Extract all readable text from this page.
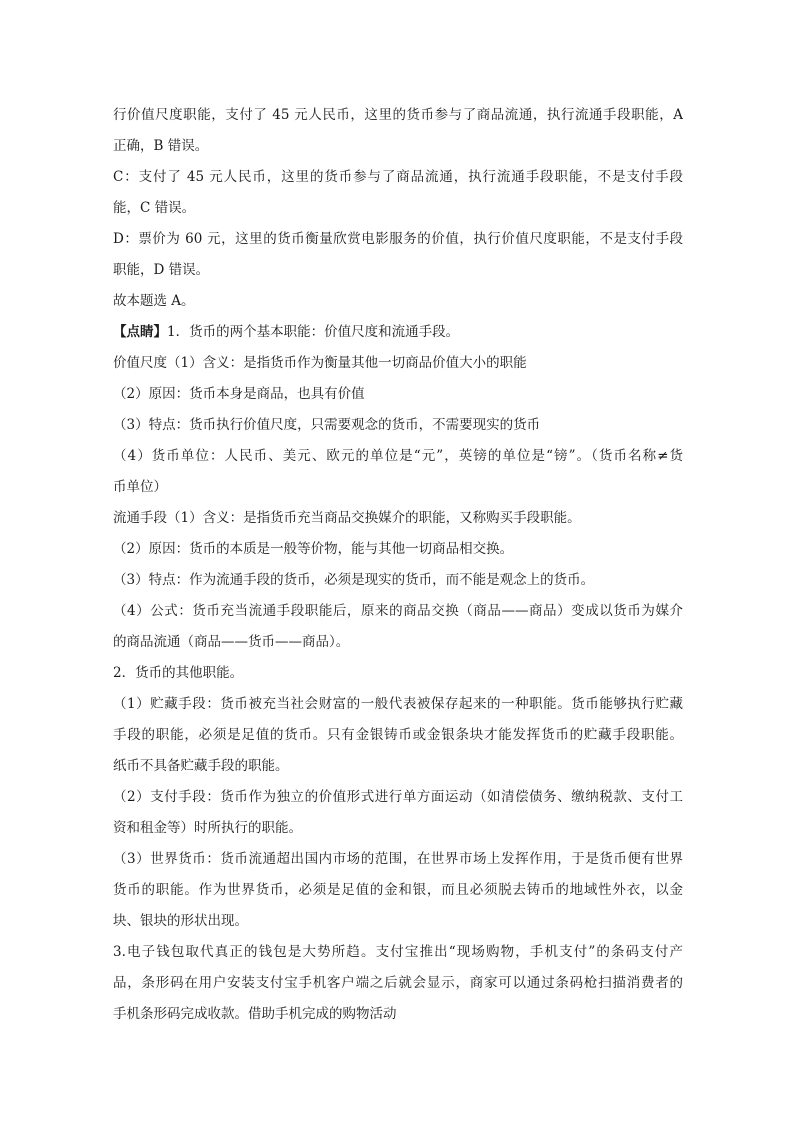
行价值尺度职能，支付了 45 元人民币，这里的货币参与了商品流通，执行流通手段职能，A
正确，B 错误。
C：支付了 45 元人民币，这里的货币参与了商品流通，执行流通手段职能，不是支付手段
能，C 错误。
D：票价为 60 元，这里的货币衡量欣赏电影服务的价值，执行价值尺度职能，不是支付手段
职能，D 错误。
故本题选 A。
【点睛】1．货币的两个基本职能：价值尺度和流通手段。
价值尺度（1）含义：是指货币作为衡量其他一切商品价值大小的职能
（2）原因：货币本身是商品，也具有价值
（3）特点：货币执行价值尺度，只需要观念的货币，不需要现实的货币
（4）货币单位：人民币、美元、欧元的单位是“元”，英镑的单位是“镑”。（货币名称≠货
币单位）
流通手段（1）含义：是指货币充当商品交换媒介的职能，又称购买手段职能。
（2）原因：货币的本质是一般等价物，能与其他一切商品相交换。
（3）特点：作为流通手段的货币，必须是现实的货币，而不能是观念上的货币。
（4）公式：货币充当流通手段职能后，原来的商品交换（商品——商品）变成以货币为媒介
的商品流通（商品——货币——商品）。
2．货币的其他职能。
（1）贮藏手段：货币被充当社会财富的一般代表被保存起来的一种职能。货币能够执行贮藏
手段的职能，必须是足值的货币。只有金银铸币或金银条块才能发挥货币的贮藏手段职能。
纸币不具备贮藏手段的职能。
（2）支付手段：货币作为独立的价值形式进行单方面运动（如清偿债务、缴纳税款、支付工
资和租金等）时所执行的职能。
（3）世界货币：货币流通超出国内市场的范围，在世界市场上发挥作用，于是货币便有世界
货币的职能。作为世界货币，必须是足值的金和银，而且必须脱去铸币的地域性外衣，以金
块、银块的形状出现。
3.电子钱包取代真正的钱包是大势所趋。支付宝推出“现场购物，手机支付”的条码支付产
品，条形码在用户安装支付宝手机客户端之后就会显示，商家可以通过条码枪扫描消费者的
手机条形码完成收款。借助手机完成的购物活动
